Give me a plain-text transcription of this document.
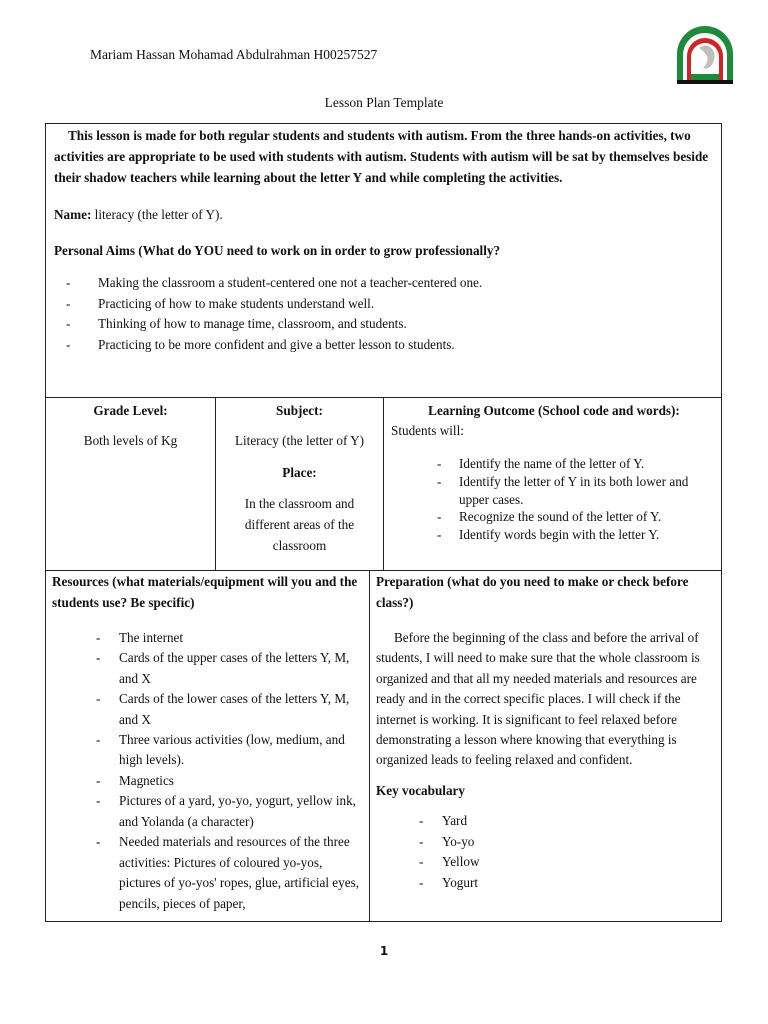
Mariam Hassan Mohamad Abdulrahman H00257527
Lesson Plan Template

This lesson is made for both regular students and students with autism. From the three hands-on activities, two activities are appropriate to be used with students with autism. Students with autism will be sat by themselves beside their shadow teachers while learning about the letter Y and while completing the activities.

Name: literacy (the letter of Y).

Personal Aims (What do YOU need to work on in order to grow professionally?

- Making the classroom a student-centered one not a teacher-centered one.
- Practicing of how to make students understand well.
- Thinking of how to manage time, classroom, and students.
- Practicing to be more confident and give a better lesson to students.

Grade Level:

Both levels of Kg

Subject:

Literacy (the letter of Y)

Place:

In the classroom and different areas of the classroom

Learning Outcome (School code and words):

Students will:

- Identify the name of the letter of Y.
- Identify the letter of Y in its both lower and upper cases.
- Recognize the sound of the letter of Y.
- Identify words begin with the letter Y.

Resources (what materials/equipment will you and the students use? Be specific)

- The internet
- Cards of the upper cases of the letters Y, M, and X
- Cards of the lower cases of the letters Y, M, and X
- Three various activities (low, medium, and high levels).
- Magnetics
- Pictures of a yard, yo-yo, yogurt, yellow ink, and Yolanda (a character)
- Needed materials and resources of the three activities: Pictures of coloured yo-yos, pictures of yo-yos' ropes, glue, artificial eyes, pencils, pieces of paper,

Preparation (what do you need to make or check before class?)

Before the beginning of the class and before the arrival of students, I will need to make sure that the whole classroom is organized and that all my needed materials and resources are ready and in the correct specific places. I will check if the internet is working. It is significant to feel relaxed before demonstrating a lesson where knowing that everything is organized leads to feeling relaxed and confident.

Key vocabulary

- Yard
- Yo-yo
- Yellow
- Yogurt
1
